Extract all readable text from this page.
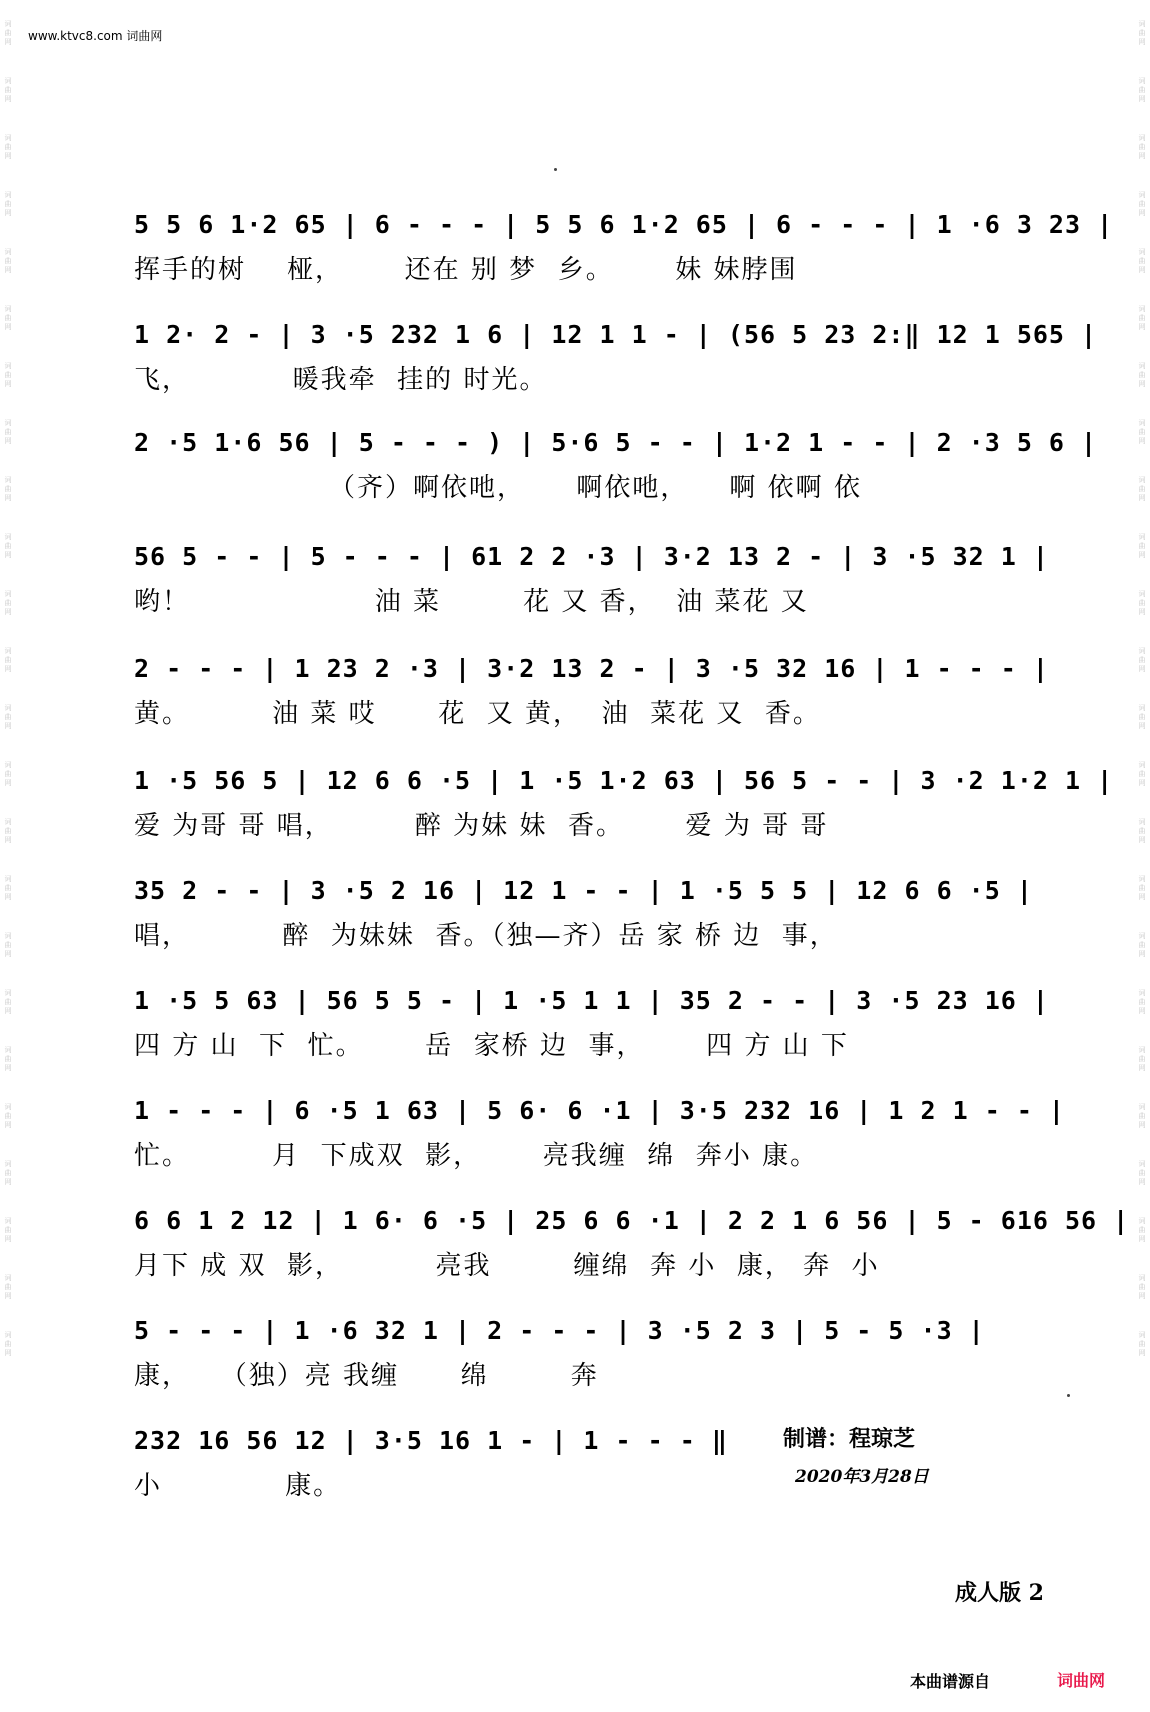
词曲网
词曲网
词曲网
词曲网
词曲网
词曲网
词曲网
词曲网
词曲网
词曲网
词曲网
词曲网
词曲网
词曲网
词曲网
词曲网
词曲网
词曲网
词曲网
词曲网
词曲网
词曲网
词曲网
词曲网
词曲网
词曲网
词曲网
词曲网
词曲网
词曲网
词曲网
词曲网
词曲网
词曲网
词曲网
词曲网
词曲网
词曲网
词曲网
词曲网
词曲网
词曲网
词曲网
词曲网
词曲网
词曲网
词曲网
词曲网
www.ktvc8.com 词曲网
5 5 6 1·2 65 | 6 - - - | 5 5 6 1·2 65 | 6 - - - | 1 ·6 3 23 |
挥手的树    桠，      还在 别 梦  乡。      妹 妹脖围
1 2· 2 - | 3 ·5 232 1 6 | 12 1 1 - | (56 5 23 2:‖ 12 1 565 |
飞，          暖我牵  挂的 时光。
2 ·5 1·6 56 | 5 - - - ) | 5·6 5 - - | 1·2 1 - - | 2 ·3 5 6 |
（齐）啊依吔，     啊依吔，    啊 依啊 依
56 5 - - | 5 - - - | 61 2 2 ·3 | 3·2 13 2 - | 3 ·5 32 1 |
哟！                  油 菜        花 又 香，  油 菜花 又
2 - - - | 1 23 2 ·3 | 3·2 13 2 - | 3 ·5 32 16 | 1 - - - |
黄。        油 菜 哎      花  又 黄，  油  菜花 又  香。
1 ·5 56 5 | 12 6 6 ·5 | 1 ·5 1·2 63 | 56 5 - - | 3 ·2 1·2 1 |
爱 为哥 哥 唱，        醉 为妹 妹  香。      爱 为 哥 哥
35 2 - - | 3 ·5 2 16 | 12 1 - - | 1 ·5 5 5 | 12 6 6 ·5 |
唱，         醉  为妹妹  香。（独—齐）岳 家 桥 边  事，
1 ·5 5 63 | 56 5 5 - | 1 ·5 1 1 | 35 2 - - | 3 ·5 23 16 |
四 方 山  下  忙。      岳  家桥 边  事，      四 方 山 下
1 - - - | 6 ·5 1 63 | 5 6· 6 ·1 | 3·5 232 16 | 1 2 1 - - |
忙。        月  下成双  影，      亮我缠  绵  奔小 康。
6 6 1 2 12 | 1 6· 6 ·5 | 25 6 6 ·1 | 2 2 1 6 56 | 5 - 616 56 |
月下 成 双  影，         亮我        缠绵  奔 小  康， 奔  小
5 - - - | 1 ·6 32 1 | 2 - - - | 3 ·5 2 3 | 5 - 5 ·3 |
康，   （独）亮 我缠      绵        奔
232 16 56 12 | 3·5 16 1 - | 1 - - - ‖
小            康。
制谱：程琼芝
2020年3月28日
成人版 2
本曲谱源自	词曲网
